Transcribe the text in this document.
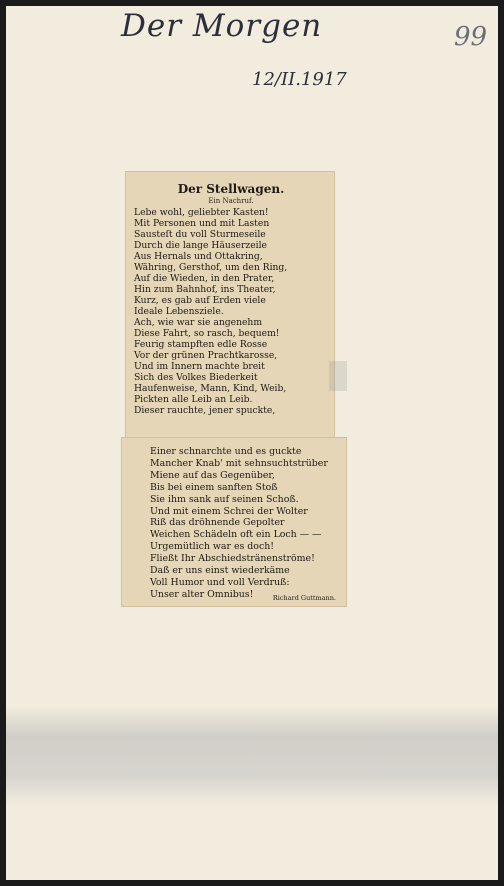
Der Morgen
12/II.1917
99
Der Stellwagen.
Ein Nachruf.
Lebe wohl, geliebter Kasten!
Mit Personen und mit Lasten
Sausteſt du voll Sturmeseile
Durch die lange Häuserzeile
Aus Hernals und Ottakring,
Währing, Gersthof, um den Ring,
Auf die Wieden, in den Prater,
Hin zum Bahnhof, ins Theater,
Kurz, es gab auf Erden viele
Ideale Lebensziele.
Ach, wie war sie angenehm
Diese Fahrt, so rasch, bequem!
Feurig stampften edle Rosse
Vor der grünen Prachtkarosse,
Und im Innern machte breit
Sich des Volkes Biederkeit
Haufenweise, Mann, Kind, Weib,
Pickten alle Leib an Leib.
Dieser rauchte, jener spuckte,
Einer schnarchte und es guckte
Mancher Knab' mit sehnsuchtstrüber
Miene auf das Gegenüber,
Bis bei einem sanften Stoß
Sie ihm sank auf seinen Schoß.
Und mit einem Schrei der Wolter
Riß das dröhnende Gepolter
Weichen Schädeln oft ein Loch — —
Urgemütlich war es doch!
Fließt Ihr Abschiedstränenströme!
Daß er uns einst wiederkäme
Voll Humor und voll Verdruß:
Unser alter Omnibus!	Richard Guttmann.
